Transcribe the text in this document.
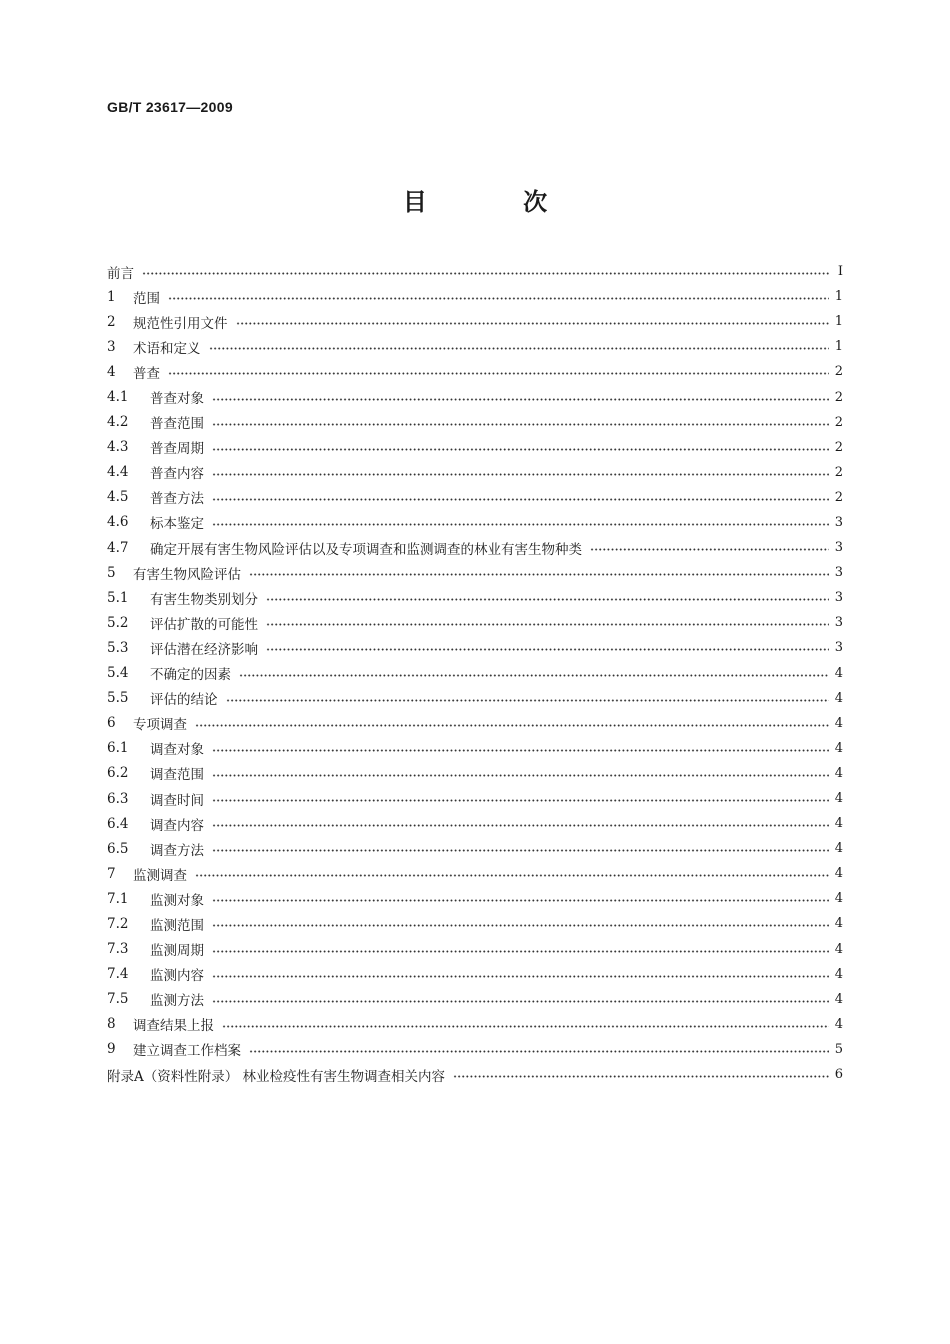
GB/T 23617—2009
目 次
前言	Ⅰ
1	范围	1
2	规范性引用文件	1
3	术语和定义	1
4	普查	2
4.1	普查对象	2
4.2	普查范围	2
4.3	普查周期	2
4.4	普查内容	2
4.5	普查方法	2
4.6	标本鉴定	3
4.7	确定开展有害生物风险评估以及专项调查和监测调查的林业有害生物种类	3
5	有害生物风险评估	3
5.1	有害生物类别划分	3
5.2	评估扩散的可能性	3
5.3	评估潜在经济影响	3
5.4	不确定的因素	4
5.5	评估的结论	4
6	专项调查	4
6.1	调查对象	4
6.2	调查范围	4
6.3	调查时间	4
6.4	调查内容	4
6.5	调查方法	4
7	监测调查	4
7.1	监测对象	4
7.2	监测范围	4
7.3	监测周期	4
7.4	监测内容	4
7.5	监测方法	4
8	调查结果上报	4
9	建立调查工作档案	5
附录A（资料性附录） 林业检疫性有害生物调查相关内容	6
